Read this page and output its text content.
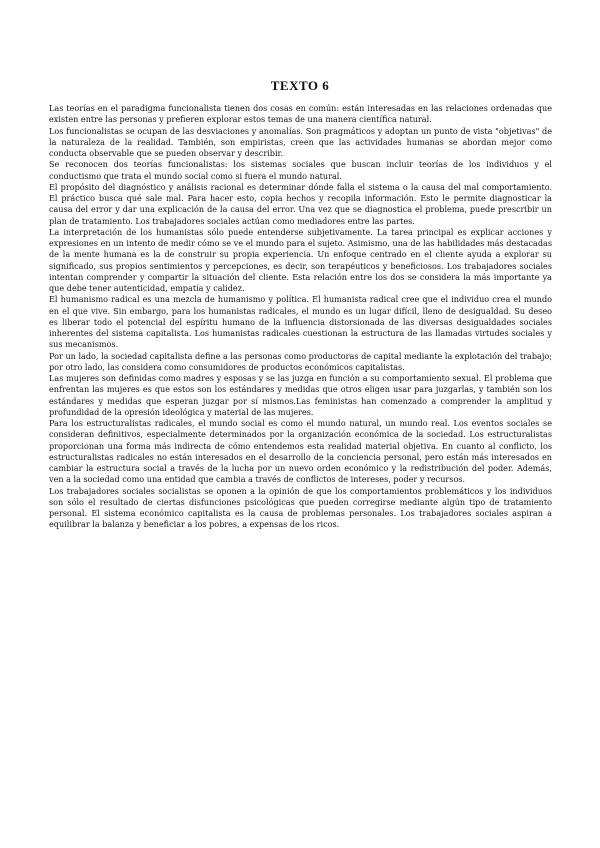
TEXTO 6

Las teorías en el paradigma funcionalista tienen dos cosas en común: están interesadas en las relaciones ordenadas que existen entre las personas y prefieren explorar estos temas de una manera científica natural.

Los funcionalistas se ocupan de las desviaciones y anomalías. Son pragmáticos y adoptan un punto de vista "objetivas" de la naturaleza de la realidad. También, son empiristas, creen que las actividades humanas se abordan mejor como conducta observable que se pueden observar y describir.

Se reconocen dos teorías funcionalistas: los sistemas sociales que buscan incluir teorías de los individuos y el conductismo que trata el mundo social como si fuera el mundo natural.

El propósito del diagnóstico y análisis racional es determinar dónde falla el sistema o la causa del mal comportamiento. El práctico busca qué sale mal. Para hacer esto, copia hechos y recopila información. Esto le permite diagnosticar la causa del error y dar una explicación de la causa del error. Una vez que se diagnostica el problema, puede prescribir un plan de tratamiento. Los trabajadores sociales actúan como mediadores entre las partes.

La interpretación de los humanistas sólo puede entenderse subjetivamente. La tarea principal es explicar acciones y expresiones en un intento de medir cómo se ve el mundo para el sujeto. Asimismo, una de las habilidades más destacadas de la mente humana es la de construir su propia experiencia. Un enfoque centrado en el cliente ayuda a explorar su significado, sus propios sentimientos y percepciones, es decir, son terapéuticos y beneficiosos. Los trabajadores sociales intentan comprender y compartir la situación del cliente. Esta relación entre los dos se considera la más importante ya que debe tener autenticidad, empatía y calidez.

El humanismo radical es una mezcla de humanismo y política. El humanista radical cree que el individuo crea el mundo en el que vive. Sin embargo, para los humanistas radicales, el mundo es un lugar difícil, lleno de desigualdad. Su deseo es liberar todo el potencial del espíritu humano de la influencia distorsionada de las diversas desigualdades sociales inherentes del sistema capitalista. Los humanistas radicales cuestionan la estructura de las llamadas virtudes sociales y sus mecanismos.

Por un lado, la sociedad capitalista define a las personas como productoras de capital mediante la explotación del trabajo; por otro lado, las considera como consumidores de productos económicos capitalistas.

Las mujeres son definidas como madres y esposas y se las juzga en función a su comportamiento sexual. El problema que enfrentan las mujeres es que estos son los estándares y medidas que otros eligen usar para juzgarlas, y también son los estándares y medidas que esperan juzgar por sí mismos.Las feministas han comenzado a comprender la amplitud y profundidad de la opresión ideológica y material de las mujeres.

Para los estructuralistas radicales, el mundo social es como el mundo natural, un mundo real. Los eventos sociales se consideran definitivos, especialmente determinados por la organización económica de la sociedad. Los estructuralistas proporcionan una forma más indirecta de cómo entendemos esta realidad material objetiva. En cuanto al conflicto, los estructuralistas radicales no están interesados en el desarrollo de la conciencia personal, pero están más interesados en cambiar la estructura social a través de la lucha por un nuevo orden económico y la redistribución del poder. Además, ven a la sociedad como una entidad que cambia a través de conflictos de intereses, poder y recursos.

Los trabajadores sociales socialistas se oponen a la opinión de que los comportamientos problemáticos y los individuos son sólo el resultado de ciertas disfunciones psicológicas que pueden corregirse mediante algún tipo de tratamiento personal. El sistema económico capitalista es la causa de problemas personales. Los trabajadores sociales aspiran a equilibrar la balanza y beneficiar a los pobres, a expensas de los ricos.
